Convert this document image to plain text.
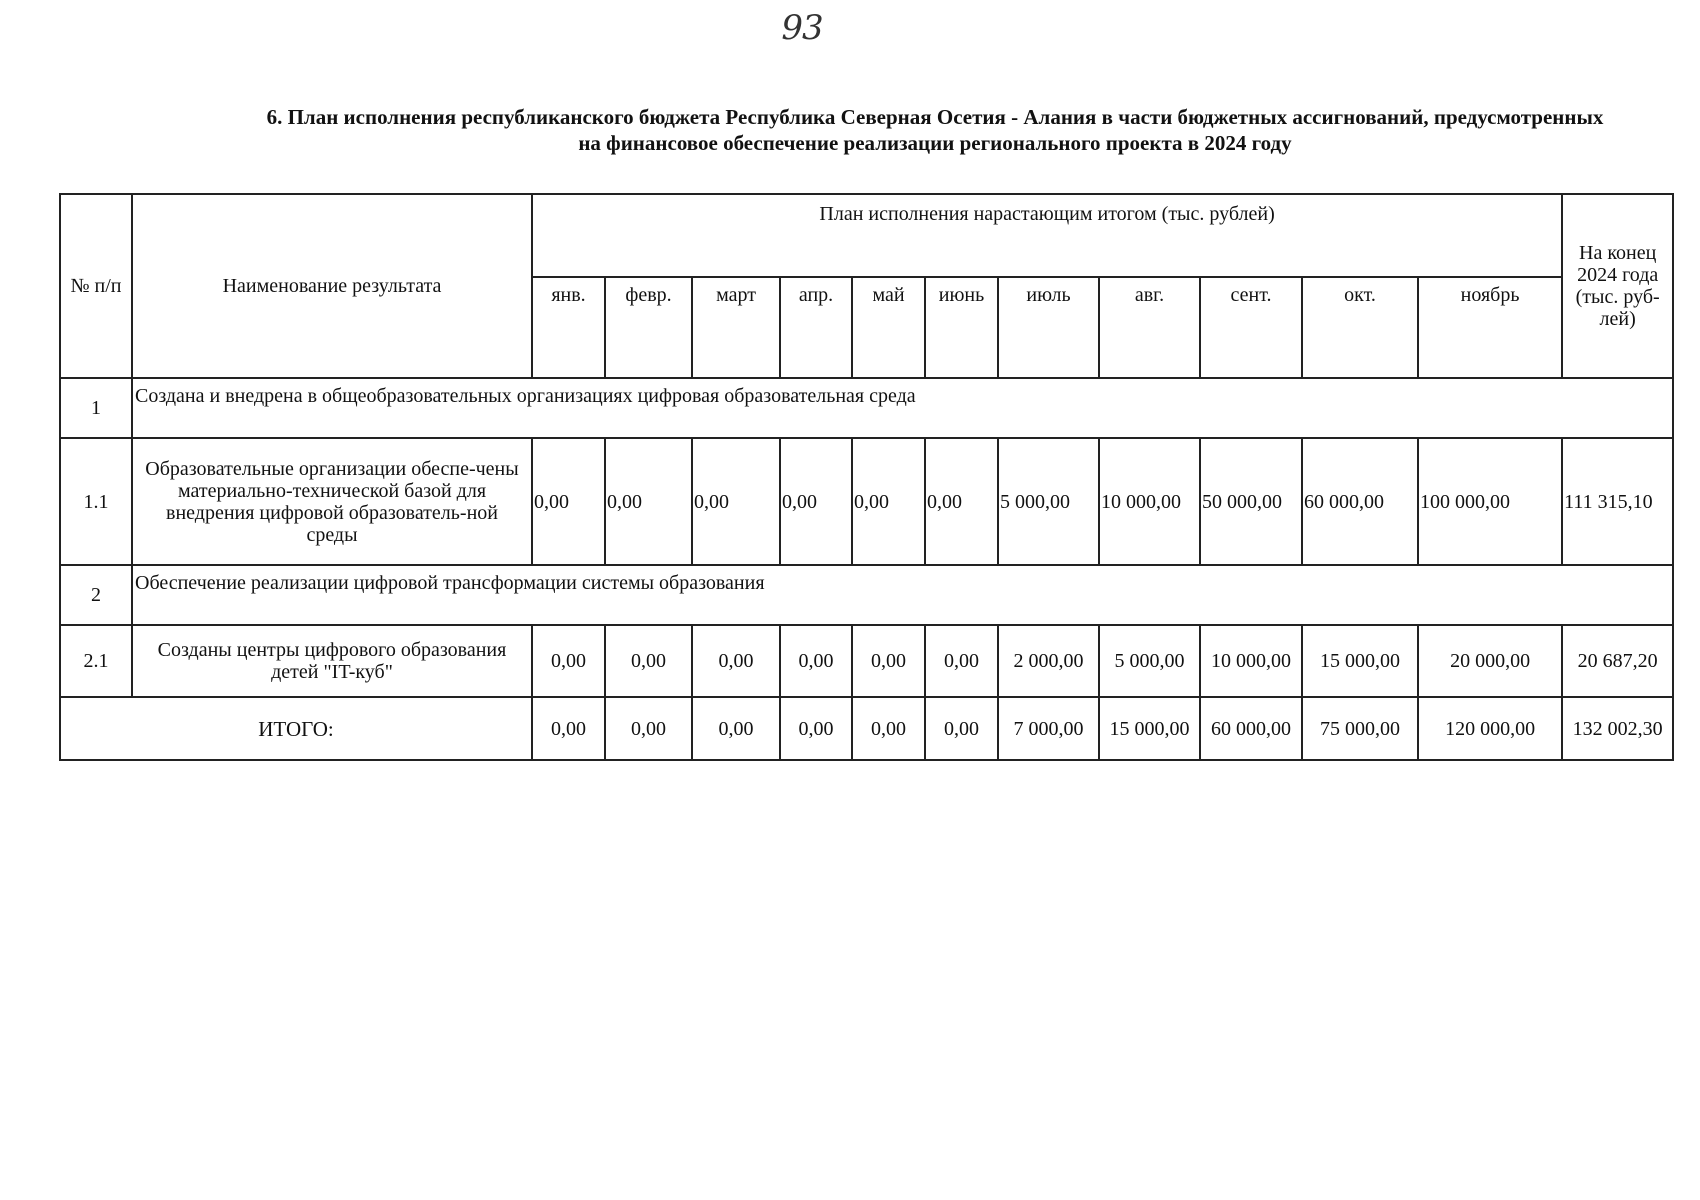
93
6. План исполнения республиканского бюджета Республика Северная Осетия - Алания в части бюджетных ассигнований, предусмотренных
на финансовое обеспечение реализации регионального проекта в 2024 году
№ п/п	Наименование результата	План исполнения нарастающим итогом (тыс. рублей)											На конец 2024 года (тыс. руб-лей)
		янв.	февр.	март	апр.	май	июнь	июль	авг.	сент.	окт.	ноябрь	
1	Создана и внедрена в общеобразовательных организациях цифровая образовательная среда												
1.1	Образовательные организации обеспе-чены материально-технической базой для внедрения цифровой образователь-ной среды	0,00	0,00	0,00	0,00	0,00	0,00	5 000,00	10 000,00	50 000,00	60 000,00	100 000,00	111 315,10
2	Обеспечение реализации цифровой трансформации системы образования												
2.1	Созданы центры цифрового образования детей "IT-куб"	0,00	0,00	0,00	0,00	0,00	0,00	2 000,00	5 000,00	10 000,00	15 000,00	20 000,00	20 687,20
ИТОГО:		0,00	0,00	0,00	0,00	0,00	0,00	7 000,00	15 000,00	60 000,00	75 000,00	120 000,00	132 002,30
